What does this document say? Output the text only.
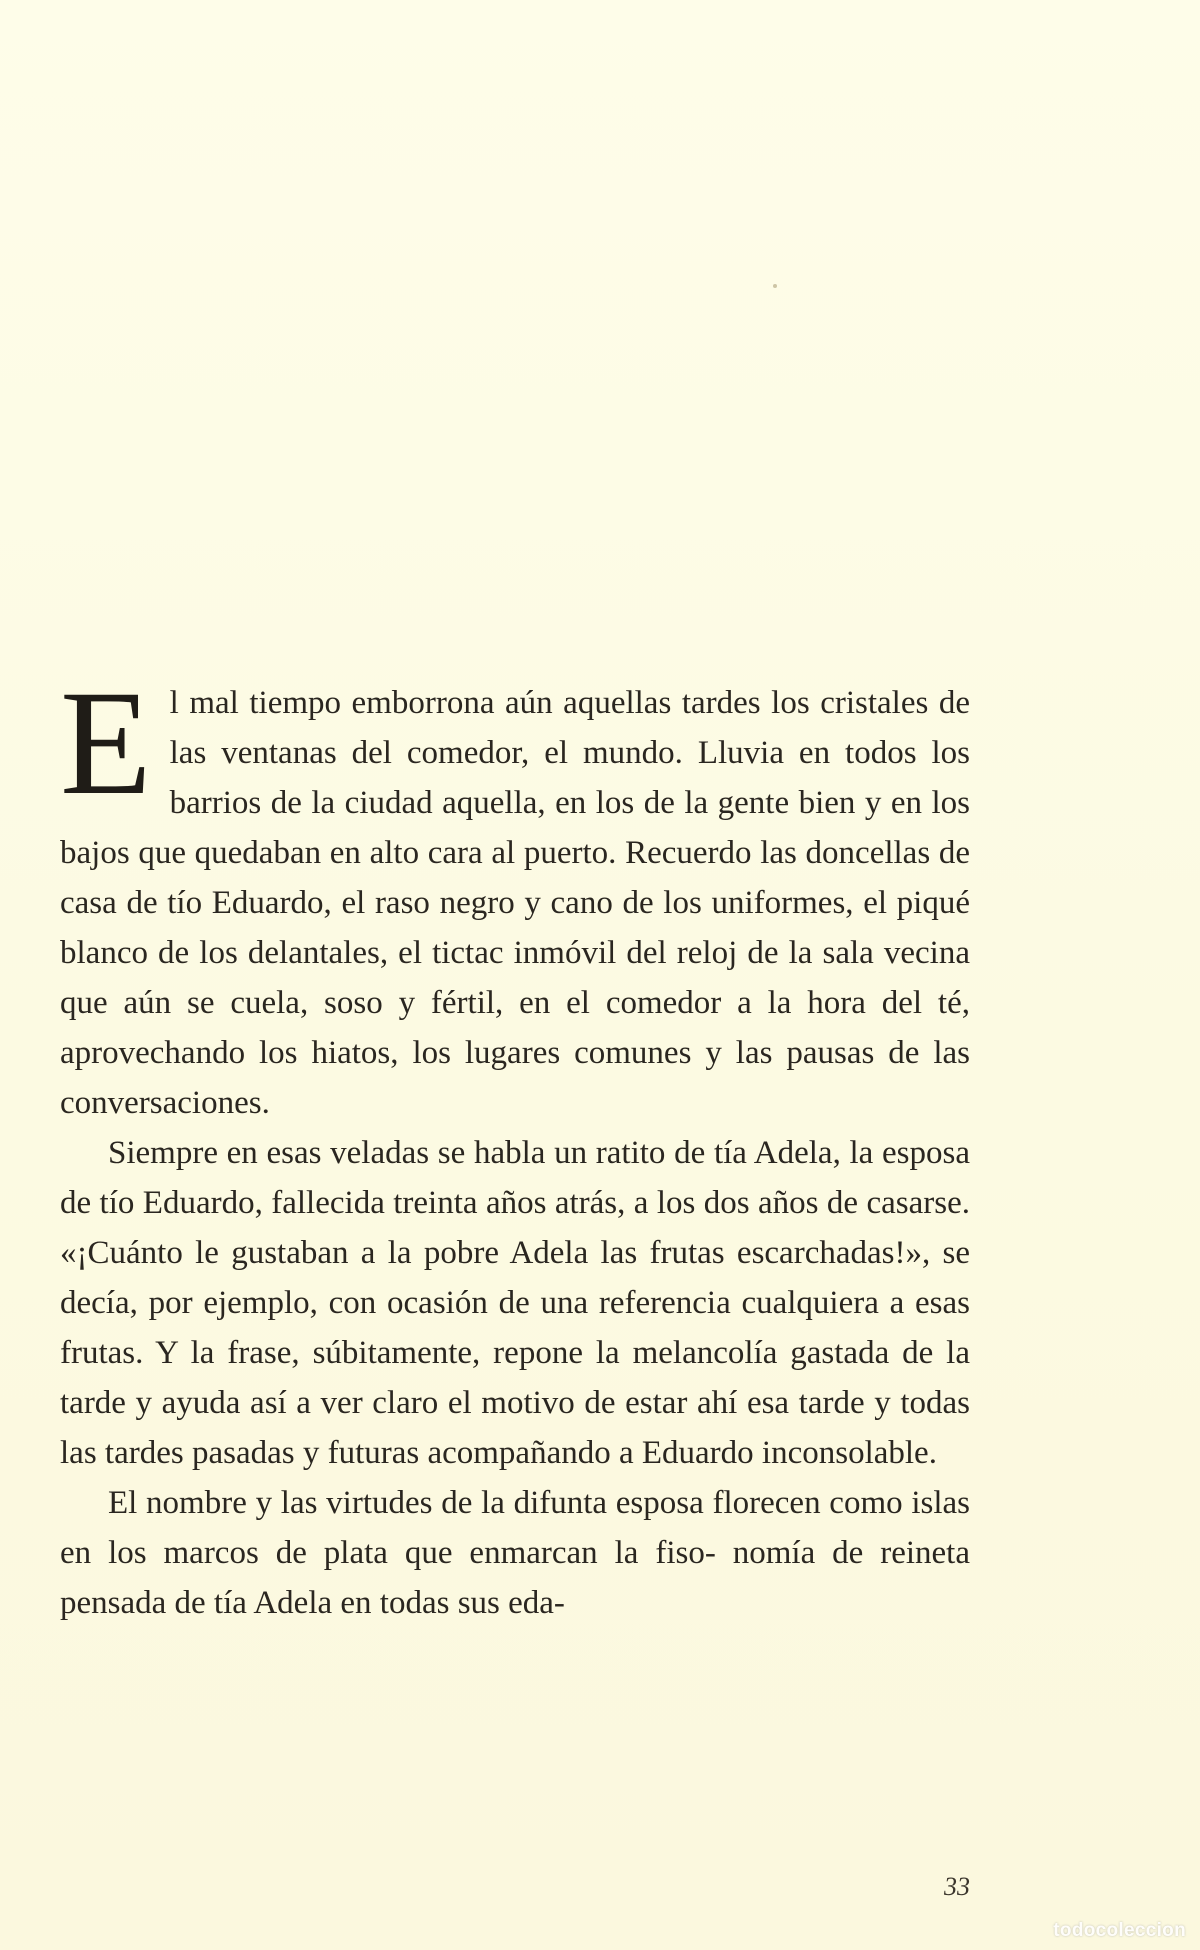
El mal tiempo emborrona aún aquellas tardes los cristales de las ventanas del comedor, el mundo. Lluvia en todos los barrios de la ciudad aquella, en los de la gente bien y en los bajos que quedaban en alto cara al puerto. Recuerdo las doncellas de casa de tío Eduardo, el raso negro y cano de los uniformes, el piqué blanco de los delantales, el tictac inmóvil del reloj de la sala vecina que aún se cuela, soso y fértil, en el comedor a la hora del té, aprovechando los hiatos, los lugares comunes y las pausas de las conversaciones.

Siempre en esas veladas se habla un ratito de tía Adela, la esposa de tío Eduardo, fallecida treinta años atrás, a los dos años de casarse. «¡Cuánto le gustaban a la pobre Adela las frutas escarchadas!», se decía, por ejemplo, con ocasión de una referencia cualquiera a esas frutas. Y la frase, súbitamente, repone la melancolía gastada de la tarde y ayuda así a ver claro el motivo de estar ahí esa tarde y todas las tardes pasadas y futuras acompañando a Eduardo inconsolable.

El nombre y las virtudes de la difunta esposa florecen como islas en los marcos de plata que enmarcan la fiso- nomía de reineta pensada de tía Adela en todas sus eda-

33
todocoleccion
